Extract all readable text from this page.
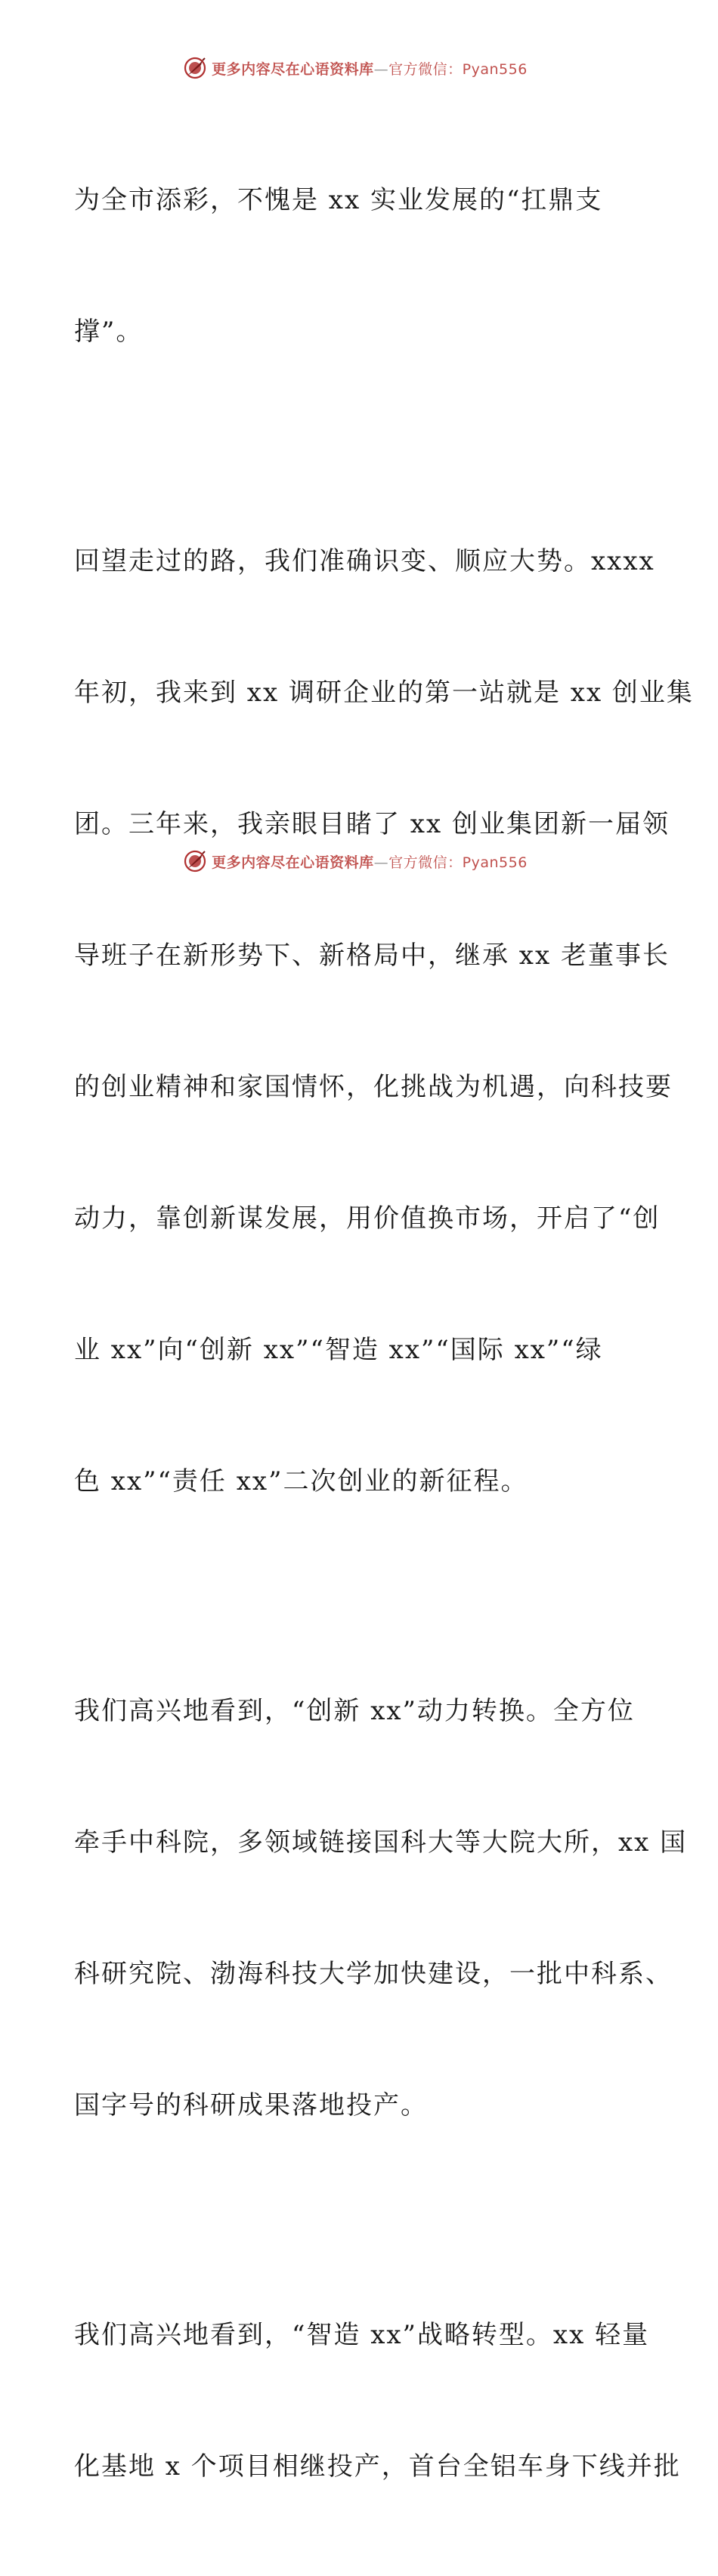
更多内容尽在心语资料库—官方微信：Pyan556

为全市添彩，不愧是 xx 实业发展的“扛鼎支

撑”。

回望走过的路，我们准确识变、顺应大势。xxxx

年初，我来到 xx 调研企业的第一站就是 xx 创业集

团。三年来，我亲眼目睹了 xx 创业集团新一届领

导班子在新形势下、新格局中，继承 xx 老董事长

的创业精神和家国情怀，化挑战为机遇，向科技要

动力，靠创新谋发展，用价值换市场，开启了“创

业 xx”向“创新 xx”“智造 xx”“国际 xx”“绿

色 xx”“责任 xx”二次创业的新征程。

我们高兴地看到，“创新 xx”动力转换。全方位

牵手中科院，多领域链接国科大等大院大所，xx 国

科研究院、渤海科技大学加快建设，一批中科系、

国字号的科研成果落地投产。

我们高兴地看到，“智造 xx”战略转型。xx 轻量

化基地 x 个项目相继投产，首台全铝车身下线并批

更多内容尽在心语资料库—官方微信：Pyan556
